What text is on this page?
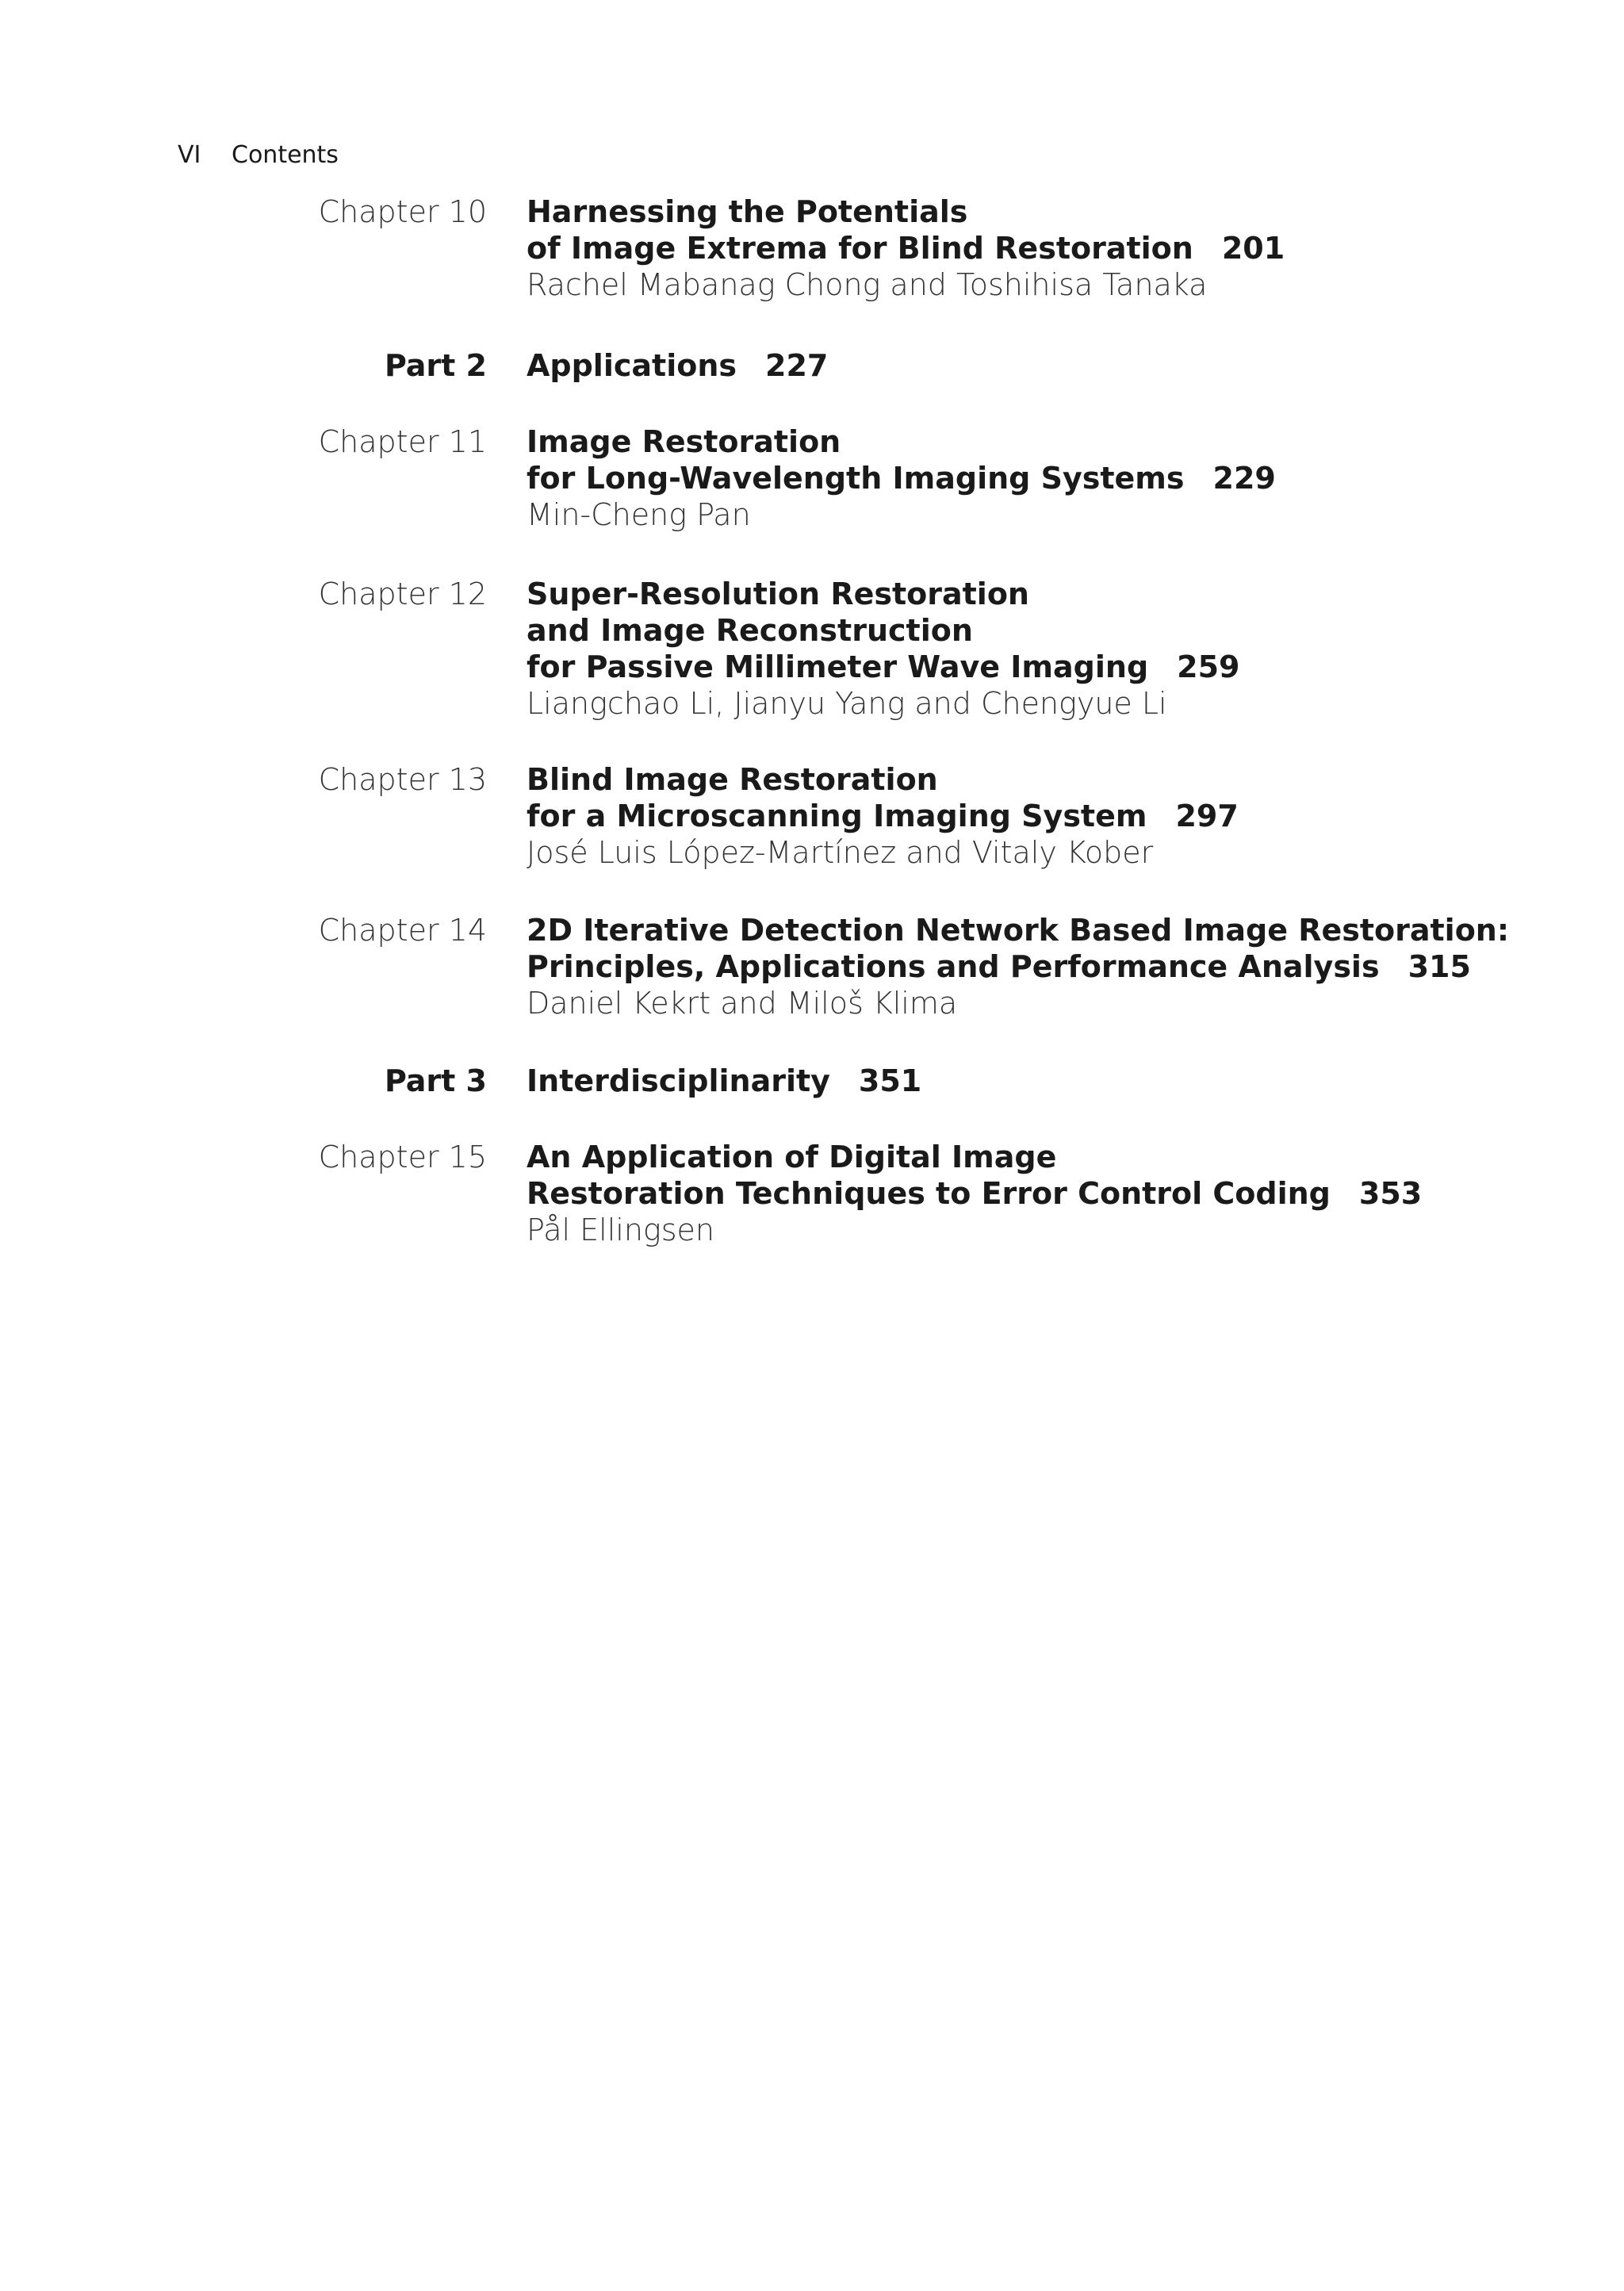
VI Contents
Chapter 10 Harnessing the Potentials
of Image Extrema for Blind Restoration 201
Rachel Mabanag Chong and Toshihisa Tanaka
Part 2 Applications 227
Chapter 11 Image Restoration
for Long-Wavelength Imaging Systems 229
Min-Cheng Pan
Chapter 12 Super-Resolution Restoration
and Image Reconstruction
for Passive Millimeter Wave Imaging 259
Liangchao Li, Jianyu Yang and Chengyue Li
Chapter 13 Blind Image Restoration
for a Microscanning Imaging System 297
José Luis López-Martínez and Vitaly Kober
Chapter 14 2D Iterative Detection Network Based Image Restoration:
Principles, Applications and Performance Analysis 315
Daniel Kekrt and Miloš Klima
Part 3 Interdisciplinarity 351
Chapter 15 An Application of Digital Image
Restoration Techniques to Error Control Coding 353
Pål Ellingsen
